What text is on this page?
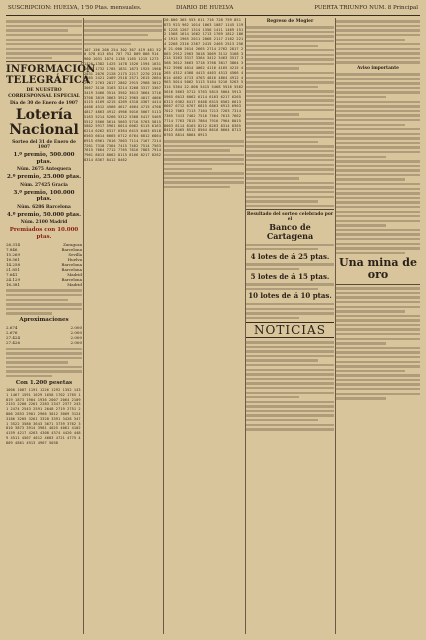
SUSCRIPCION: HUELVA, 1'50 Ptas. mensuales.	DIARIO DE HUELVA	PUERTA TRIUNFO NUM. 8 Principal
INFORMACIÓN TELEGRÁFICA
DE NUESTRO CORRESPONSAL ESPECIAL
Día de 30 de Enero de 1907
Lotería Nacional
Sorteo del 31 de Enero de 1907
1.º premio, 500.000 ptas.
Núm. 2675 Antequera
2.º premio, 25.000 ptas.
Núm. 27425 Gracia
3.º premio, 100.000 ptas.
Núm. 6286 Barcelona
4.º premio, 50.000 ptas.
Núm. 2100 Madrid
Premiados con 10.000 ptas.
26.314	Zaragoza
7.846	Barcelona
15.269	Sevilla
18.561	Huelva
14.258	Barcelona
21.851	Barcelona
7.641	Madrid
24.129	Barcelona
16.381	Madrid
Aproximaciones
2.674	2.000
2.676	2.000
27.424	2.000
27.426	2.000
Con 1.200 pesetas
1000 1087 1191 1226 1292 1352 1431 1467 1591 1629 1658 1702 1765 1819 1873 1904 1936 2007 2064 2109 2153 2200 2261 2283 2347 2377 2431 2474 2543 2591 2648 2719 2751 2806 2853 2901 2966 3012 3069 3124 3186 3205 3261 3328 3391 3428 3471 3522 3580 3643 3671 3739 3762 3810 3873 3914 3981 4025 4061 4102 4159 4217 4263 4308 4374 4420 4489 4511 4567 4612 4683 4721 4775 4809 4861 4913 4967 5038
107 156 208 254 302 367 419 461 520 578 613 654 707 752 809 866 914 960 1031 1074 1138 1165 1215 1273 1326 1382 1425 1478 1526 1594 1631 1687 1732 1785 1831 1873 1925 1968 2031 2076 2128 2175 2217 2270 2318 2365 2421 2469 2518 2571 2615 2664 2717 2763 2817 2862 2915 2968 3012 3067 3116 3163 3214 3268 3317 3367 3419 3466 3514 3562 3613 3664 3716 3768 3819 3863 3912 3965 4017 4066 4115 4169 4215 4269 4318 4367 4414 4466 4512 4566 4617 4664 4715 4768 4817 4863 4912 4966 5016 5067 5113 5163 5214 5266 5312 5368 5417 5469 5512 5566 5614 5663 5716 5763 5815 5862 5917 5961 6014 6062 6115 6163 6214 6262 6317 6364 6415 6463 6518 6563 6614 6665 6712 6764 6812 6864 6915 6961 7016 7063 7114 7167 7214 7261 7318 7364 7415 7462 7514 7563 7615 7664 7712 7765 7816 7863 7914 7961 8013 8062 8115 8166 8217 8262 8314 8367 8412 8462
20.000 365 553 611 716 728 759 851 873 923 962 1014 1063 1087 1145 1196 1228 1267 1314 1356 1411 1469 1512 1568 1614 1662 1713 1769 1812 1864 1913 1965 2011 2068 2117 2162 2214 2268 2316 2367 2415 2465 2513 2566 21.000 2614 2665 2714 2762 2817 2863 2912 2963 3018 3069 3112 3168 3214 3263 3317 3364 3412 3463 3517 3568 3612 3663 3718 3768 3817 3864 3912 3968 4014 4062 4116 4165 4215 4265 4312 4368 4413 4463 4513 4566 4614 4662 4713 4763 4816 4864 4912 4963 5014 5062 5113 5164 5216 5263 5314 5364 22.000 5415 5468 5516 5562 5616 5663 5712 5763 5815 5864 5913 5965 6013 6062 6114 6163 6217 6265 6313 6362 6417 6468 6515 6562 6613 6667 6712 6767 6815 6863 6913 6963 7012 7063 7113 7164 7213 7263 7314 7365 7413 7462 7516 7564 7613 7662 7714 7763 7815 7864 7916 7964 8015 8063 8114 8163 8212 8263 8314 8365 8412 8465 8512 8564 8616 8664 8713 8763 8814 8864 8913
Regreso de Mogier
Resultado del sorteo celebrado por el
Banco de Cartagena
4 lotes de á 25 ptas.
5 lotes de á 15 ptas.
10 lotes de á 10 ptas.
NOTICIAS
Aviso importante
Una mina de oro
